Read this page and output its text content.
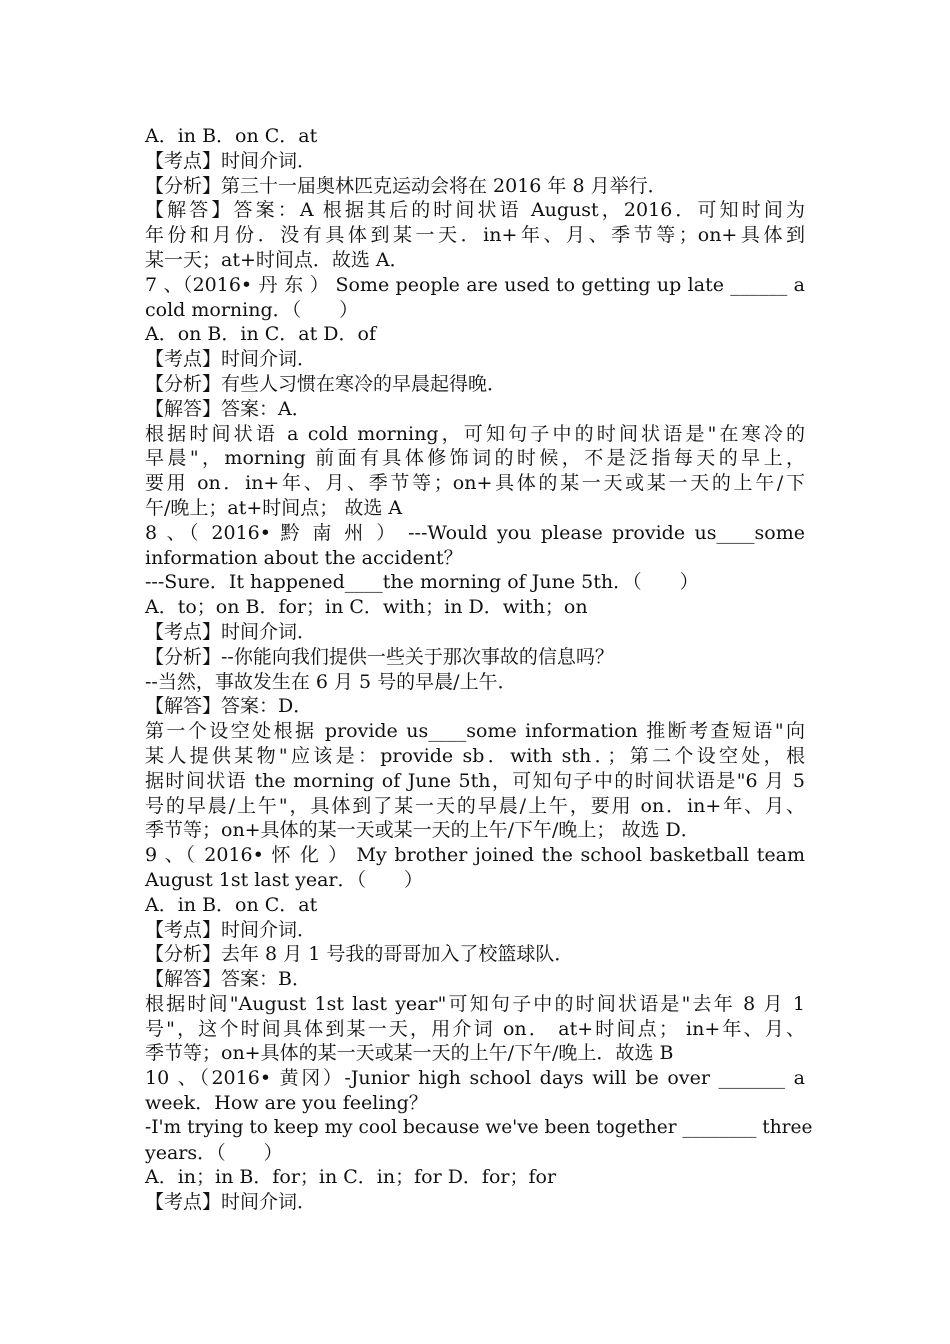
A．in B．on C．at

【考点】时间介词．

【分析】第三十一届奥林匹克运动会将在 2016 年 8 月举行．

【解答】答案：A 根据其后的时间状语 August，2016．可知时间为

年份和月份．没有具体到某一天．in+年、月、季节等；on+具体到

某一天；at+时间点．故选 A．

7 、（2016• 丹 东 ） Some people are used to getting up late ______ a

cold morning．（　　）

A．on B．in C．at D．of

【考点】时间介词．

【分析】有些人习惯在寒冷的早晨起得晚．

【解答】答案：A．

根据时间状语 a cold morning，可知句子中的时间状语是"在寒冷的

早晨"，morning 前面有具体修饰词的时候，不是泛指每天的早上，

要用 on．in+年、月、季节等；on+具体的某一天或某一天的上午/下

午/晚上；at+时间点； 故选 A

8 、（ 2016• 黔 南 州 ） ---Would you please provide us____some

information about the accident？

---Sure．It happened____the morning of June 5th．（　　）

A．to；on B．for；in C．with；in D．with；on

【考点】时间介词．

【分析】--你能向我们提供一些关于那次事故的信息吗？

--当然，事故发生在 6 月 5 号的早晨/上午．

【解答】答案：D．

第一个设空处根据 provide us____some information 推断考查短语"向

某人提供某物"应该是：provide sb．with sth．；第二个设空处，根

据时间状语 the morning of June 5th，可知句子中的时间状语是"6 月 5

号的早晨/上午"，具体到了某一天的早晨/上午，要用 on．in+年、月、

季节等；on+具体的某一天或某一天的上午/下午/晚上； 故选 D．

9 、（ 2016• 怀 化 ） My brother joined the school basketball team

August 1st last year．（　　）

A．in B．on C．at

【考点】时间介词．

【分析】去年 8 月 1 号我的哥哥加入了校篮球队．

【解答】答案：B．

根据时间"August 1st last year"可知句子中的时间状语是"去年 8 月 1

号"，这个时间具体到某一天，用介词 on． at+时间点； in+年、月、

季节等；on+具体的某一天或某一天的上午/下午/晚上．故选 B

10 、（2016• 黄冈）-Junior high school days will be over _______ a

week．How are you feeling？

-I'm trying to keep my cool because we've been together ________ three

years．（　　）

A．in；in B．for；in C．in；for D．for；for

【考点】时间介词．
